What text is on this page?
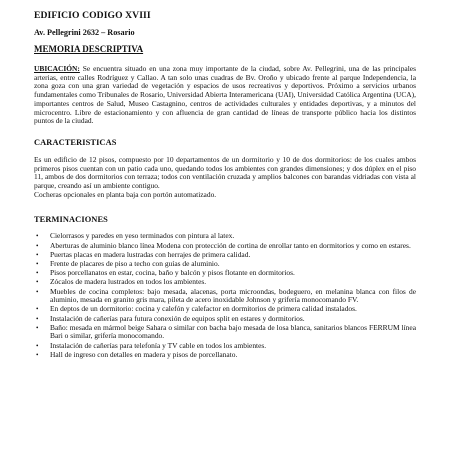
EDIFICIO CODIGO XVIII
Av. Pellegrini 2632 – Rosario
MEMORIA DESCRIPTIVA
UBICACIÓN: Se encuentra situado en una zona muy importante de la ciudad, sobre Av. Pellegrini, una de las principales arterias, entre calles Rodríguez y Callao. A tan solo unas cuadras de Bv. Oroño y ubicado frente al parque Independencia, la zona goza con una gran variedad de vegetación y espacios de usos recreativos y deportivos. Próximo a servicios urbanos fundamentales como Tribunales de Rosario, Universidad Abierta Interamericana (UAI), Universidad Católica Argentina (UCA), importantes centros de Salud, Museo Castagnino, centros de actividades culturales y entidades deportivas, y a minutos del microcentro. Libre de estacionamiento y con afluencia de gran cantidad de líneas de transporte público hacia los distintos puntos de la ciudad.
CARACTERISTICAS
Es un edificio de 12 pisos, compuesto por 10 departamentos de un dormitorio y 10 de dos dormitorios: de los cuales ambos primeros pisos cuentan con un patio cada uno, quedando todos los ambientes con grandes dimensiones; y dos dúplex en el piso 11, ambos de dos dormitorios con terraza; todos con ventilación cruzada y amplios balcones con barandas vidriadas con vista al parque, creando así un ambiente contiguo.
Cocheras opcionales en planta baja con portón automatizado.
TERMINACIONES
• Cielorrasos y paredes en yeso terminados con pintura al latex.
• Aberturas de aluminio blanco línea Modena con protección de cortina de enrollar tanto en dormitorios y como en estares.
• Puertas placas en madera lustradas con herrajes de primera calidad.
• Frente de placares de piso a techo con guías de aluminio.
• Pisos porcellanatos en estar, cocina, baño y balcón y pisos flotante en dormitorios.
• Zócalos de madera lustrados en todos los ambientes.
• Muebles de cocina completos: bajo mesada, alacenas, porta microondas, bodeguero, en melanina blanca con filos de aluminio, mesada en granito gris mara, pileta de acero inoxidable Johnson y grifería monocomando FV.
• En deptos de un dormitorio: cocina y calefón y calefactor en dormitorios de primera calidad instalados.
• Instalación de cañerías para futura conexión de equipos split en estares y dormitorios.
• Baño: mesada en mármol beige Sahara o similar con bacha bajo mesada de losa blanca, sanitarios blancos FERRUM línea Bari o similar, grifería monocomando.
• Instalación de cañerías para telefonía y TV cable en todos los ambientes.
• Hall de ingreso con detalles en madera y pisos de porcellanato.
